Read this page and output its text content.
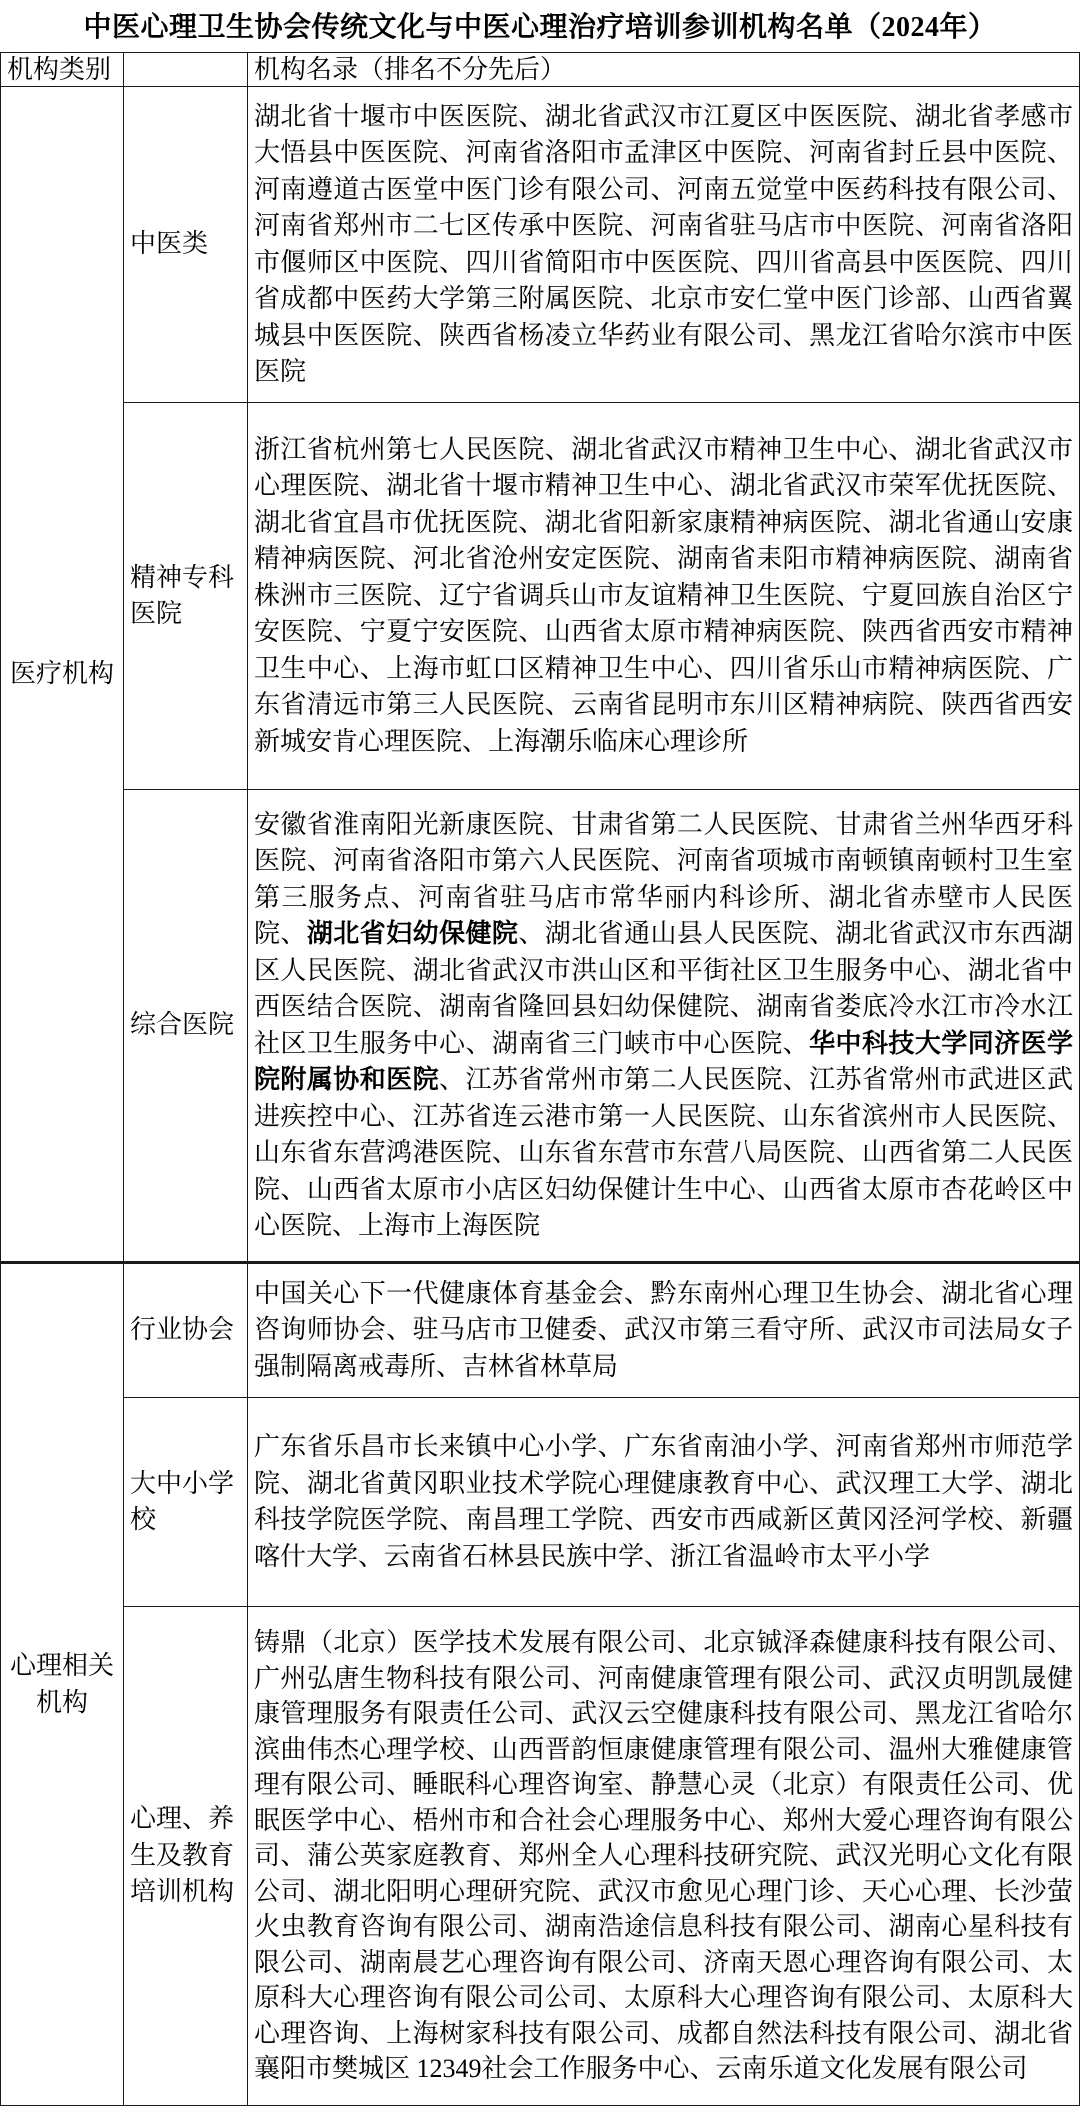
中医心理卫生协会传统文化与中医心理治疗培训参训机构名单（2024年）
机构类别		机构名录（排名不分先后）
医疗机构	中医类	湖北省十堰市中医医院、湖北省武汉市江夏区中医医院、湖北省孝感市大悟县中医医院、河南省洛阳市孟津区中医院、河南省封丘县中医院、河南遵道古医堂中医门诊有限公司、河南五觉堂中医药科技有限公司、河南省郑州市二七区传承中医院、河南省驻马店市中医院、河南省洛阳市偃师区中医院、四川省简阳市中医医院、四川省高县中医医院、四川省成都中医药大学第三附属医院、北京市安仁堂中医门诊部、山西省翼城县中医医院、陕西省杨凌立华药业有限公司、黑龙江省哈尔滨市中医医院
	精神专科医院	浙江省杭州第七人民医院、湖北省武汉市精神卫生中心、湖北省武汉市心理医院、湖北省十堰市精神卫生中心、湖北省武汉市荣军优抚医院、湖北省宜昌市优抚医院、湖北省阳新家康精神病医院、湖北省通山安康精神病医院、河北省沧州安定医院、湖南省耒阳市精神病医院、湖南省株洲市三医院、辽宁省调兵山市友谊精神卫生医院、宁夏回族自治区宁安医院、宁夏宁安医院、山西省太原市精神病医院、陕西省西安市精神卫生中心、上海市虹口区精神卫生中心、四川省乐山市精神病医院、广东省清远市第三人民医院、云南省昆明市东川区精神病院、陕西省西安新城安肯心理医院、上海潮乐临床心理诊所
	综合医院	安徽省淮南阳光新康医院、甘肃省第二人民医院、甘肃省兰州华西牙科医院、河南省洛阳市第六人民医院、河南省项城市南顿镇南顿村卫生室第三服务点、河南省驻马店市常华丽内科诊所、湖北省赤壁市人民医院、湖北省妇幼保健院、湖北省通山县人民医院、湖北省武汉市东西湖区人民医院、湖北省武汉市洪山区和平街社区卫生服务中心、湖北省中西医结合医院、湖南省隆回县妇幼保健院、湖南省娄底冷水江市冷水江社区卫生服务中心、湖南省三门峡市中心医院、华中科技大学同济医学院附属协和医院、江苏省常州市第二人民医院、江苏省常州市武进区武进疾控中心、江苏省连云港市第一人民医院、山东省滨州市人民医院、山东省东营鸿港医院、山东省东营市东营八局医院、山西省第二人民医院、山西省太原市小店区妇幼保健计生中心、山西省太原市杏花岭区中心医院、上海市上海医院
心理相关机构	行业协会	中国关心下一代健康体育基金会、黔东南州心理卫生协会、湖北省心理咨询师协会、驻马店市卫健委、武汉市第三看守所、武汉市司法局女子强制隔离戒毒所、吉林省林草局
	大中小学校	广东省乐昌市长来镇中心小学、广东省南油小学、河南省郑州市师范学院、湖北省黄冈职业技术学院心理健康教育中心、武汉理工大学、湖北科技学院医学院、南昌理工学院、西安市西咸新区黄冈泾河学校、新疆喀什大学、云南省石林县民族中学、浙江省温岭市太平小学
	心理、养生及教育培训机构	铸鼎（北京）医学技术发展有限公司、北京铖泽森健康科技有限公司、广州弘唐生物科技有限公司、河南健康管理有限公司、武汉贞明凯晟健康管理服务有限责任公司、武汉云空健康科技有限公司、黑龙江省哈尔滨曲伟杰心理学校、山西晋韵恒康健康管理有限公司、温州大雅健康管理有限公司、睡眠科心理咨询室、静慧心灵（北京）有限责任公司、优眠医学中心、梧州市和合社会心理服务中心、郑州大爱心理咨询有限公司、蒲公英家庭教育、郑州全人心理科技研究院、武汉光明心文化有限公司、湖北阳明心理研究院、武汉市愈见心理门诊、天心心理、长沙萤火虫教育咨询有限公司、湖南浩途信息科技有限公司、湖南心星科技有限公司、湖南晨艺心理咨询有限公司、济南天恩心理咨询有限公司、太原科大心理咨询有限公司公司、太原科大心理咨询有限公司、太原科大心理咨询、上海树家科技有限公司、成都自然法科技有限公司、湖北省襄阳市樊城区 12349社会工作服务中心、云南乐道文化发展有限公司
